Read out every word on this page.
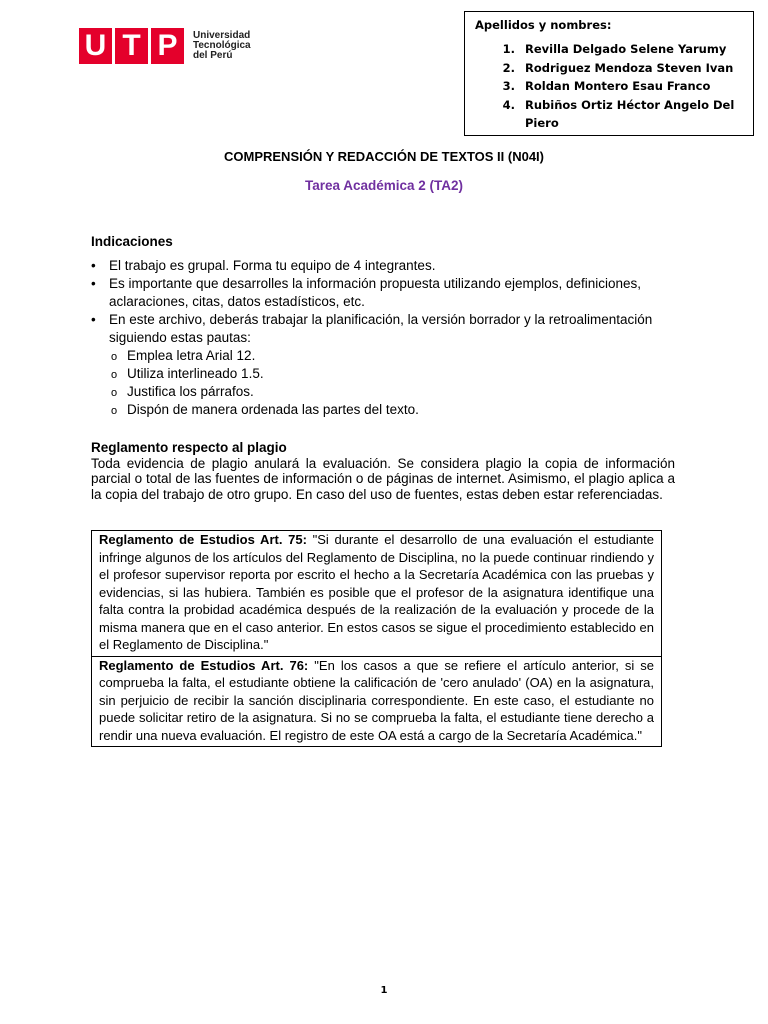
U T P	Universidad
Tecnológica
del Perú
Apellidos y nombres:
1. Revilla Delgado Selene Yarumy
2. Rodriguez Mendoza Steven Ivan
3. Roldan Montero Esau Franco
4. Rubiños Ortiz Héctor Angelo Del Piero
COMPRENSIÓN Y REDACCIÓN DE TEXTOS II (N04I)
Tarea Académica 2 (TA2)
Indicaciones
• El trabajo es grupal. Forma tu equipo de 4 integrantes.
• Es importante que desarrolles la información propuesta utilizando ejemplos, definiciones, aclaraciones, citas, datos estadísticos, etc.
• En este archivo, deberás trabajar la planificación, la versión borrador y la retroalimentación siguiendo estas pautas:
o Emplea letra Arial 12.
o Utiliza interlineado 1.5.
o Justifica los párrafos.
o Dispón de manera ordenada las partes del texto.
Reglamento respecto al plagio
Toda evidencia de plagio anulará la evaluación. Se considera plagio la copia de información parcial o total de las fuentes de información o de páginas de internet. Asimismo, el plagio aplica a la copia del trabajo de otro grupo. En caso del uso de fuentes, estas deben estar referenciadas.
Reglamento de Estudios Art. 75: "Si durante el desarrollo de una evaluación el estudiante infringe algunos de los artículos del Reglamento de Disciplina, no la puede continuar rindiendo y el profesor supervisor reporta por escrito el hecho a la Secretaría Académica con las pruebas y evidencias, si las hubiera. También es posible que el profesor de la asignatura identifique una falta contra la probidad académica después de la realización de la evaluación y procede de la misma manera que en el caso anterior. En estos casos se sigue el procedimiento establecido en el Reglamento de Disciplina."
Reglamento de Estudios Art. 76: "En los casos a que se refiere el artículo anterior, si se comprueba la falta, el estudiante obtiene la calificación de 'cero anulado' (OA) en la asignatura, sin perjuicio de recibir la sanción disciplinaria correspondiente. En este caso, el estudiante no puede solicitar retiro de la asignatura. Si no se comprueba la falta, el estudiante tiene derecho a rendir una nueva evaluación. El registro de este OA está a cargo de la Secretaría Académica."
1
